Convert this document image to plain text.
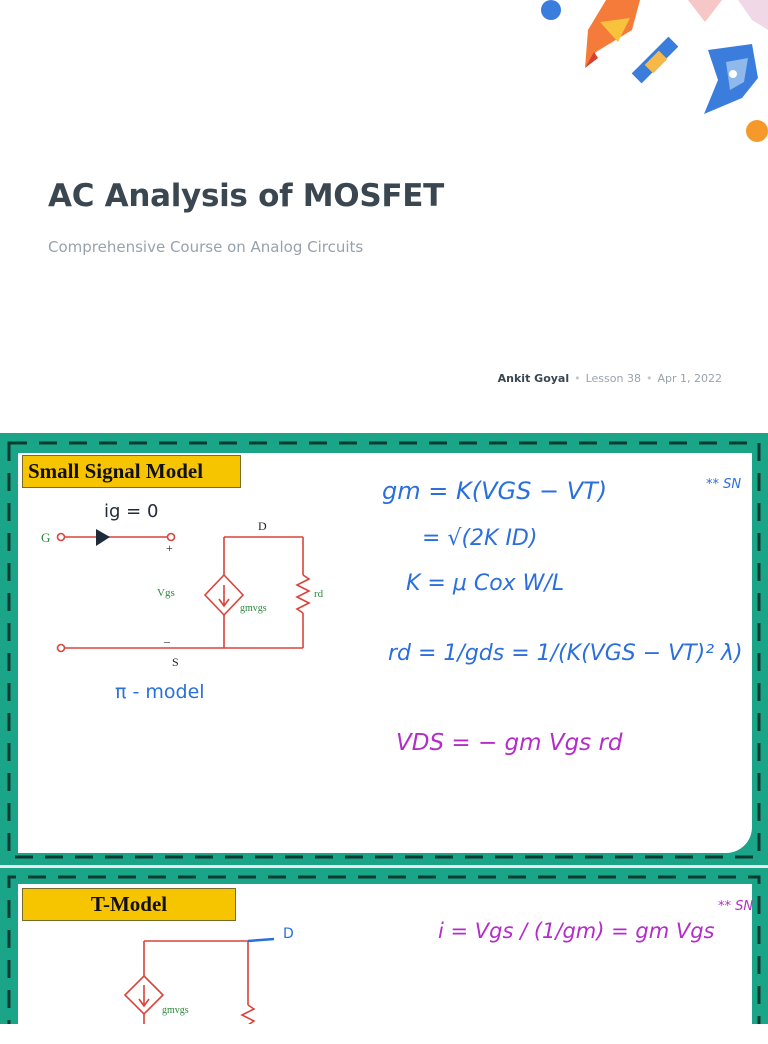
AC Analysis of MOSFET
Comprehensive Course on Analog Circuits
Ankit Goyal • Lesson 38 • Apr 1, 2022
Small Signal Model
G
D
S
+
–
Vgs
gmvgs
rd
ig = 0
π - model
** SN
gm = K(VGS − VT)
= √(2K ID)
K = μ Cox W/L
rd = 1/gds = 1/(K(VGS − VT)² λ)
VDS = − gm Vgs rd
T-Model
D
gmvgs
** SN
i = Vgs / (1/gm) = gm Vgs
